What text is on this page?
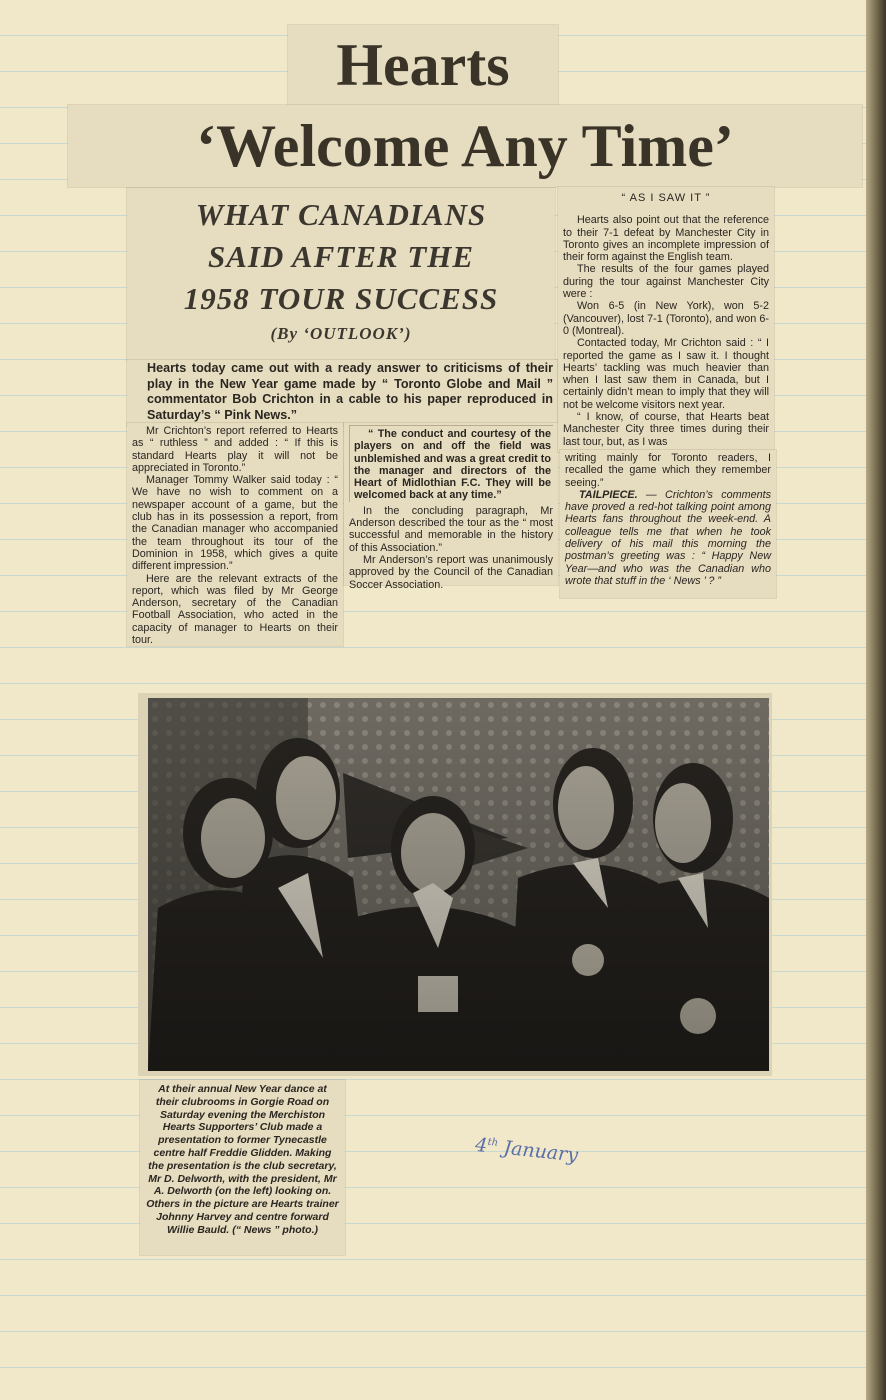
Hearts
‘Welcome Any Time’
WHAT CANADIANS
SAID AFTER THE
1958 TOUR SUCCESS
(By ‘OUTLOOK’)
Hearts today came out with a ready answer to criticisms of their play in the New Year game made by “ Toronto Globe and Mail ” commentator Bob Crichton in a cable to his paper reproduced in Saturday’s “ Pink News.”

Mr Crichton’s report referred to Hearts as “ ruthless ” and added : “ If this is standard Hearts play it will not be appreciated in Toronto.”

Manager Tommy Walker said today : “ We have no wish to comment on a newspaper account of a game, but the club has in its possession a report, from the Canadian manager who accompanied the team throughout its tour of the Dominion in 1958, which gives a quite different impression.”

Here are the relevant extracts of the report, which was filed by Mr George Anderson, secretary of the Canadian Football Association, who acted in the capacity of manager to Hearts on their tour.

“ The conduct and courtesy of the players on and off the field was unblemished and was a great credit to the manager and directors of the Heart of Midlothian F.C. They will be welcomed back at any time.”

In the concluding paragraph, Mr Anderson described the tour as the “ most successful and memorable in the history of this Association.”

Mr Anderson’s report was unanimously approved by the Council of the Canadian Soccer Association.

“ AS I SAW IT ”

Hearts also point out that the reference to their 7-1 defeat by Manchester City in Toronto gives an incomplete impression of their form against the English team.

The results of the four games played during the tour against Manchester City were :

Won 6-5 (in New York), won 5-2 (Vancouver), lost 7-1 (Toronto), and won 6-0 (Montreal).

Contacted today, Mr Crichton said : “ I reported the game as I saw it. I thought Hearts’ tackling was much heavier than when I last saw them in Canada, but I certainly didn’t mean to imply that they will not be welcome visitors next year.

“ I know, of course, that Hearts beat Manchester City three times during their last tour, but, as I was

writing mainly for Toronto readers, I recalled the game which they remember seeing.”

TAILPIECE. — Crichton’s comments have proved a red-hot talking point among Hearts fans throughout the week-end. A colleague tells me that when he took delivery of his mail this morning the postman’s greeting was : “ Happy New Year—and who was the Canadian who wrote that stuff in the ‘ News ’ ? ”

At their annual New Year dance at their clubrooms in Gorgie Road on Saturday evening the Merchiston Hearts Supporters’ Club made a presentation to former Tynecastle centre half Freddie Glidden. Making the presentation is the club secretary, Mr D. Delworth, with the president, Mr A. Delworth (on the left) looking on. Others in the picture are Hearts trainer Johnny Harvey and centre forward Willie Bauld. (“ News ” photo.)
4th January
